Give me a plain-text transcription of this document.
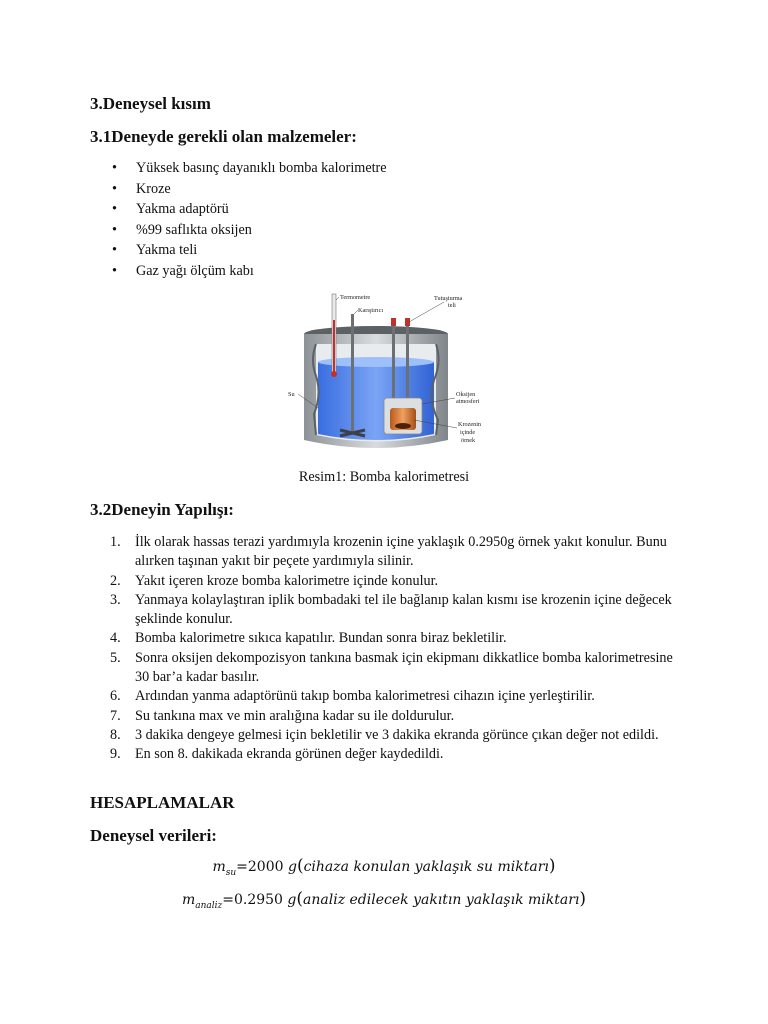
3.Deneysel kısım
3.1Deneyde gerekli olan malzemeler:
• Yüksek basınç dayanıklı bomba kalorimetre
• Kroze
• Yakma adaptörü
• %99 saflıkta oksijen
• Yakma teli
• Gaz yağı ölçüm kabı
Termometre
Karıştırıcı
Tutuşturma
teli
Su	Oksijen
atmosferi
Krozenin
içinde
örnek
Resim1: Bomba kalorimetresi
3.2Deneyin Yapılışı:
1. İlk olarak hassas terazi yardımıyla krozenin içine yaklaşık 0.2950g örnek yakıt konulur. Bunu alırken taşınan yakıt bir peçete yardımıyla silinir.
2. Yakıt içeren kroze bomba kalorimetre içinde konulur.
3. Yanmaya kolaylaştıran iplik bombadaki tel ile bağlanıp kalan kısmı ise krozenin içine değecek şeklinde konulur.
4. Bomba kalorimetre sıkıca kapatılır. Bundan sonra biraz bekletilir.
5. Sonra oksijen dekompozisyon tankına basmak için ekipmanı dikkatlice bomba kalorimetresine 30 bar’a kadar basılır.
6. Ardından yanma adaptörünü takıp bomba kalorimetresi cihazın içine yerleştirilir.
7. Su tankına max ve min aralığına kadar su ile doldurulur.
8. 3 dakika dengeye gelmesi için bekletilir ve 3 dakika ekranda görünce çıkan değer not edildi.
9. En son 8. dakikada ekranda görünen değer kaydedildi.
HESAPLAMALAR
Deneysel verileri:
$m_{su}=2000$ g(cihaza konulan yaklaşık su miktarı)
$m_{analiz}=0.2950$ g(analiz edilecek yakıtın yaklaşık miktarı)
